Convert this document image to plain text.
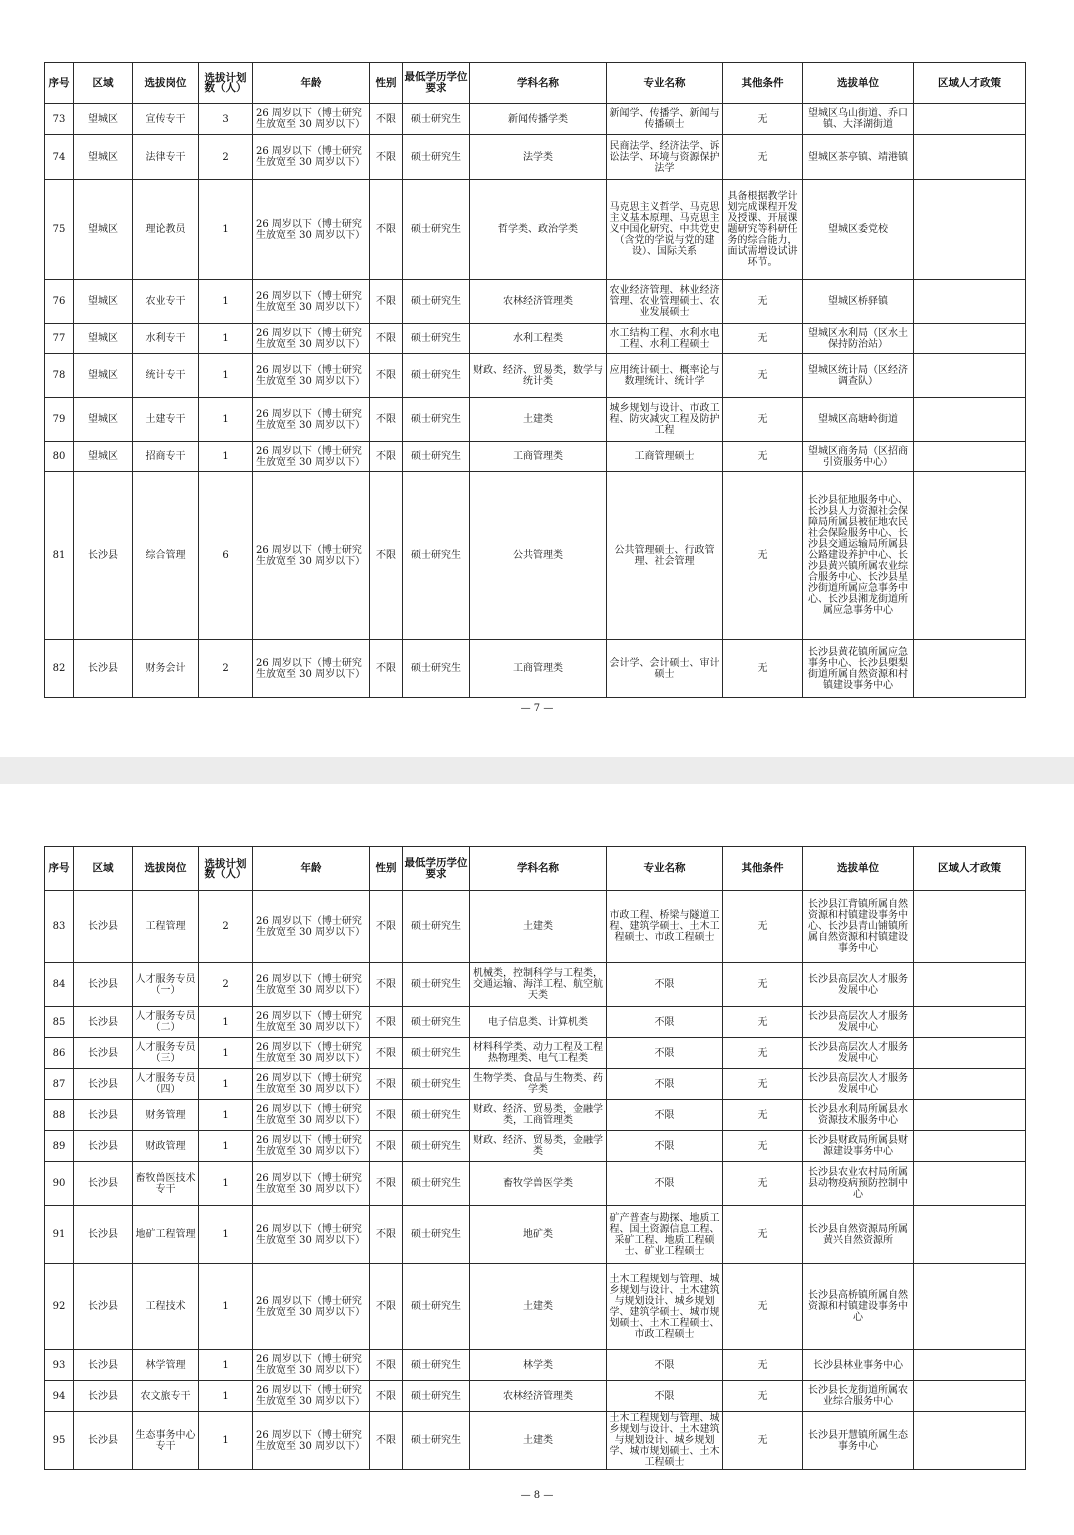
序号	区域	选拔岗位	选拔计划数（人）	年龄	性别	最低学历学位要求	学科名称	专业名称	其他条件	选拔单位	区域人才政策
73	望城区	宣传专干	3	26 周岁以下（博士研究生放宽至 30 周岁以下）	不限	硕士研究生	新闻传播学类	新闻学、传播学、新闻与传播硕士	无	望城区乌山街道、乔口镇、大泽湖街道	
74	望城区	法律专干	2	26 周岁以下（博士研究生放宽至 30 周岁以下）	不限	硕士研究生	法学类	民商法学、经济法学、诉讼法学、环境与资源保护法学	无	望城区茶亭镇、靖港镇	
75	望城区	理论教员	1	26 周岁以下（博士研究生放宽至 30 周岁以下）	不限	硕士研究生	哲学类、政治学类	马克思主义哲学、马克思主义基本原理、马克思主义中国化研究、中共党史（含党的学说与党的建设）、国际关系	具备根据教学计划完成课程开发及授课、开展课题研究等科研任务的综合能力，面试需增设试讲环节。	望城区委党校	
76	望城区	农业专干	1	26 周岁以下（博士研究生放宽至 30 周岁以下）	不限	硕士研究生	农林经济管理类	农业经济管理、林业经济管理、农业管理硕士、农业发展硕士	无	望城区桥驿镇	
77	望城区	水利专干	1	26 周岁以下（博士研究生放宽至 30 周岁以下）	不限	硕士研究生	水利工程类	水工结构工程、水利水电工程、水利工程硕士	无	望城区水利局（区水土保持防治站）	
78	望城区	统计专干	1	26 周岁以下（博士研究生放宽至 30 周岁以下）	不限	硕士研究生	财政、经济、贸易类，数学与统计类	应用统计硕士、概率论与数理统计、统计学	无	望城区统计局（区经济调查队）	
79	望城区	土建专干	1	26 周岁以下（博士研究生放宽至 30 周岁以下）	不限	硕士研究生	土建类	城乡规划与设计、市政工程、防灾减灾工程及防护工程	无	望城区高塘岭街道	
80	望城区	招商专干	1	26 周岁以下（博士研究生放宽至 30 周岁以下）	不限	硕士研究生	工商管理类	工商管理硕士	无	望城区商务局（区招商引资服务中心）	
81	长沙县	综合管理	6	26 周岁以下（博士研究生放宽至 30 周岁以下）	不限	硕士研究生	公共管理类	公共管理硕士、行政管理、社会管理	无	长沙县征地服务中心、长沙县人力资源社会保障局所属县被征地农民社会保险服务中心、长沙县交通运输局所属县公路建设养护中心、长沙县黄兴镇所属农业综合服务中心、长沙县星沙街道所属应急事务中心、长沙县湘龙街道所属应急事务中心	
82	长沙县	财务会计	2	26 周岁以下（博士研究生放宽至 30 周岁以下）	不限	硕士研究生	工商管理类	会计学、会计硕士、审计硕士	无	长沙县黄花镇所属应急事务中心、长沙县㮾梨街道所属自然资源和村镇建设事务中心	
— 7 —
序号	区域	选拔岗位	选拔计划数（人）	年龄	性别	最低学历学位要求	学科名称	专业名称	其他条件	选拔单位	区域人才政策
83	长沙县	工程管理	2	26 周岁以下（博士研究生放宽至 30 周岁以下）	不限	硕士研究生	土建类	市政工程、桥梁与隧道工程、建筑学硕士、土木工程硕士、市政工程硕士	无	长沙县江背镇所属自然资源和村镇建设事务中心、长沙县青山铺镇所属自然资源和村镇建设事务中心	
84	长沙县	人才服务专员（一）	2	26 周岁以下（博士研究生放宽至 30 周岁以下）	不限	硕士研究生	机械类，控制科学与工程类，交通运输、海洋工程、航空航天类	不限	无	长沙县高层次人才服务发展中心	
85	长沙县	人才服务专员（二）	1	26 周岁以下（博士研究生放宽至 30 周岁以下）	不限	硕士研究生	电子信息类、计算机类	不限	无	长沙县高层次人才服务发展中心	
86	长沙县	人才服务专员（三）	1	26 周岁以下（博士研究生放宽至 30 周岁以下）	不限	硕士研究生	材料科学类、动力工程及工程热物理类、电气工程类	不限	无	长沙县高层次人才服务发展中心	
87	长沙县	人才服务专员（四）	1	26 周岁以下（博士研究生放宽至 30 周岁以下）	不限	硕士研究生	生物学类、食品与生物类、药学类	不限	无	长沙县高层次人才服务发展中心	
88	长沙县	财务管理	1	26 周岁以下（博士研究生放宽至 30 周岁以下）	不限	硕士研究生	财政、经济、贸易类，金融学类，工商管理类	不限	无	长沙县水利局所属县水资源技术服务中心	
89	长沙县	财政管理	1	26 周岁以下（博士研究生放宽至 30 周岁以下）	不限	硕士研究生	财政、经济、贸易类，金融学类	不限	无	长沙县财政局所属县财源建设事务中心	
90	长沙县	畜牧兽医技术专干	1	26 周岁以下（博士研究生放宽至 30 周岁以下）	不限	硕士研究生	畜牧学兽医学类	不限	无	长沙县农业农村局所属县动物疫病预防控制中心	
91	长沙县	地矿工程管理	1	26 周岁以下（博士研究生放宽至 30 周岁以下）	不限	硕士研究生	地矿类	矿产普查与勘探、地质工程、国土资源信息工程、采矿工程、地质工程硕士、矿业工程硕士	无	长沙县自然资源局所属黄兴自然资源所	
92	长沙县	工程技术	1	26 周岁以下（博士研究生放宽至 30 周岁以下）	不限	硕士研究生	土建类	土木工程规划与管理、城乡规划与设计、土木建筑与规划设计、城乡规划学、建筑学硕士、城市规划硕士、土木工程硕士、市政工程硕士	无	长沙县高桥镇所属自然资源和村镇建设事务中心	
93	长沙县	林学管理	1	26 周岁以下（博士研究生放宽至 30 周岁以下）	不限	硕士研究生	林学类	不限	无	长沙县林业事务中心	
94	长沙县	农文旅专干	1	26 周岁以下（博士研究生放宽至 30 周岁以下）	不限	硕士研究生	农林经济管理类	不限	无	长沙县长龙街道所属农业综合服务中心	
95	长沙县	生态事务中心专干	1	26 周岁以下（博士研究生放宽至 30 周岁以下）	不限	硕士研究生	土建类	土木工程规划与管理、城乡规划与设计、土木建筑与规划设计、城乡规划学、城市规划硕士、土木工程硕士	无	长沙县开慧镇所属生态事务中心	
— 8 —
